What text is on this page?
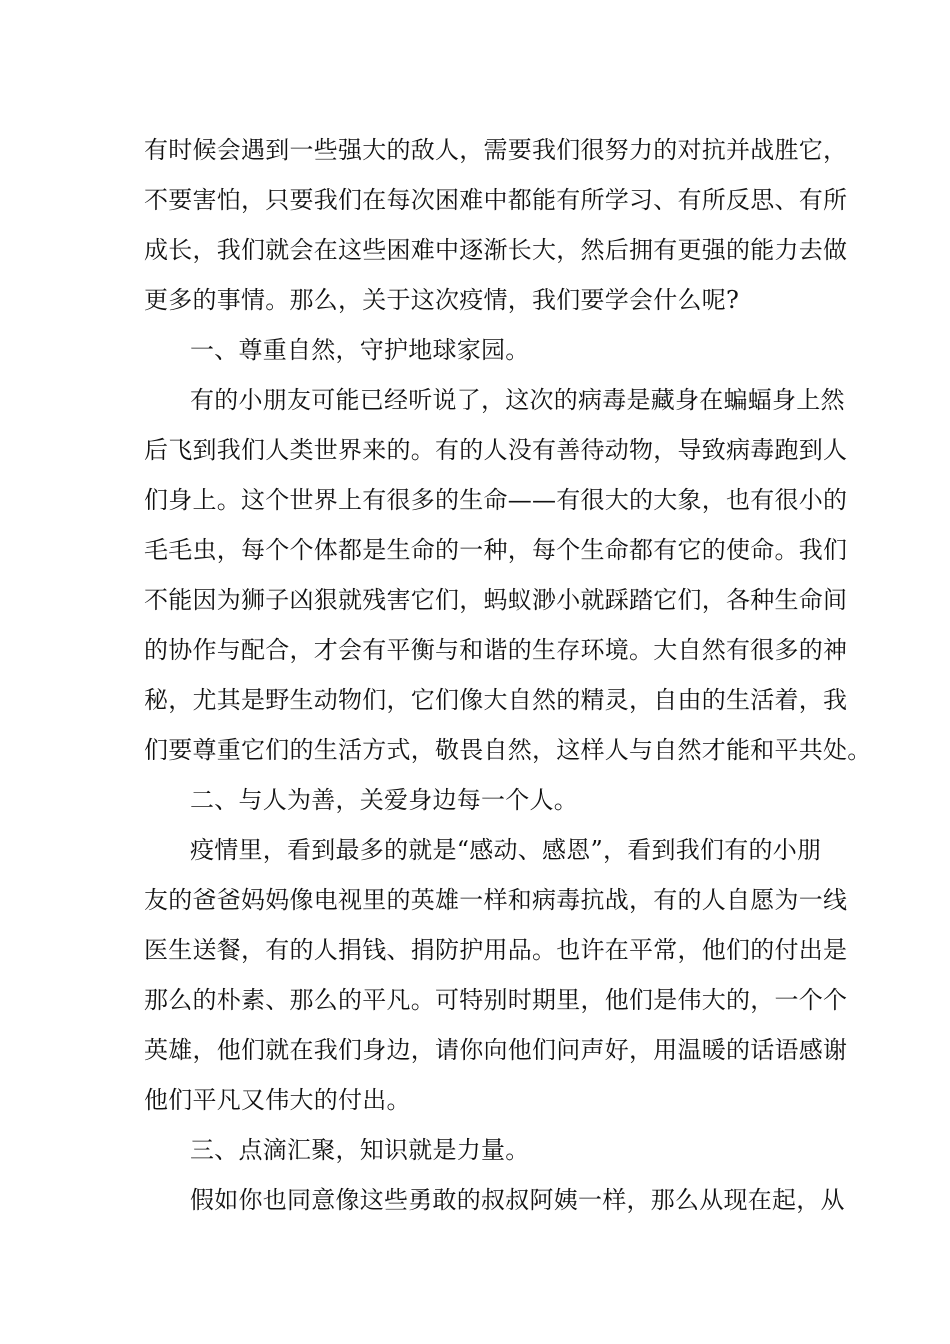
有时候会遇到一些强大的敌人，需要我们很努力的对抗并战胜它，
不要害怕，只要我们在每次困难中都能有所学习、有所反思、有所
成长，我们就会在这些困难中逐渐长大，然后拥有更强的能力去做
更多的事情。那么，关于这次疫情，我们要学会什么呢?
一、尊重自然，守护地球家园。
有的小朋友可能已经听说了，这次的病毒是藏身在蝙蝠身上然
后飞到我们人类世界来的。有的人没有善待动物，导致病毒跑到人
们身上。这个世界上有很多的生命——有很大的大象，也有很小的
毛毛虫，每个个体都是生命的一种，每个生命都有它的使命。我们
不能因为狮子凶狠就残害它们，蚂蚁渺小就踩踏它们，各种生命间
的协作与配合，才会有平衡与和谐的生存环境。大自然有很多的神
秘，尤其是野生动物们，它们像大自然的精灵，自由的生活着，我
们要尊重它们的生活方式，敬畏自然，这样人与自然才能和平共处。
二、与人为善，关爱身边每一个人。
疫情里，看到最多的就是“感动、感恩”，看到我们有的小朋
友的爸爸妈妈像电视里的英雄一样和病毒抗战，有的人自愿为一线
医生送餐，有的人捐钱、捐防护用品。也许在平常，他们的付出是
那么的朴素、那么的平凡。可特别时期里，他们是伟大的，一个个
英雄，他们就在我们身边，请你向他们问声好，用温暖的话语感谢
他们平凡又伟大的付出。
三、点滴汇聚，知识就是力量。
假如你也同意像这些勇敢的叔叔阿姨一样，那么从现在起，从
